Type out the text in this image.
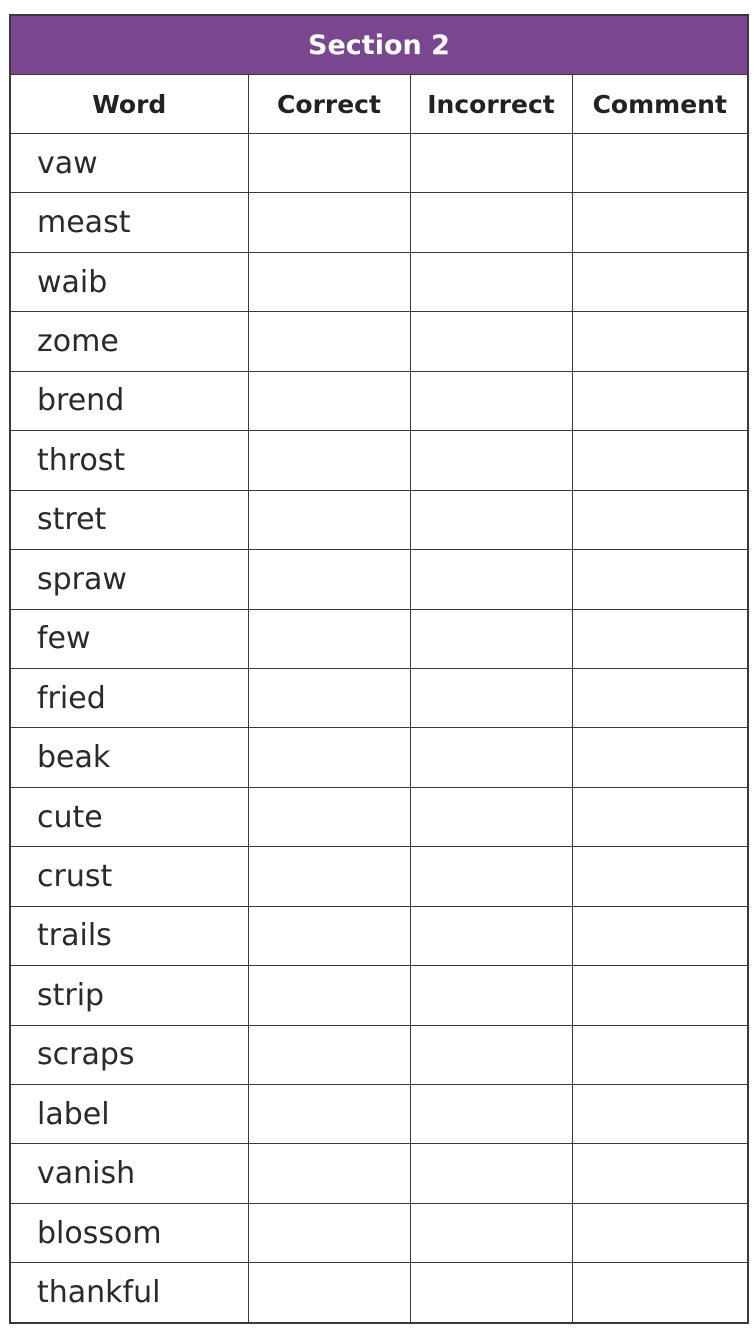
Section 2			
Word	Correct	Incorrect	Comment
vaw			
meast			
waib			
zome			
brend			
throst			
stret			
spraw			
few			
fried			
beak			
cute			
crust			
trails			
strip			
scraps			
label			
vanish			
blossom			
thankful			
